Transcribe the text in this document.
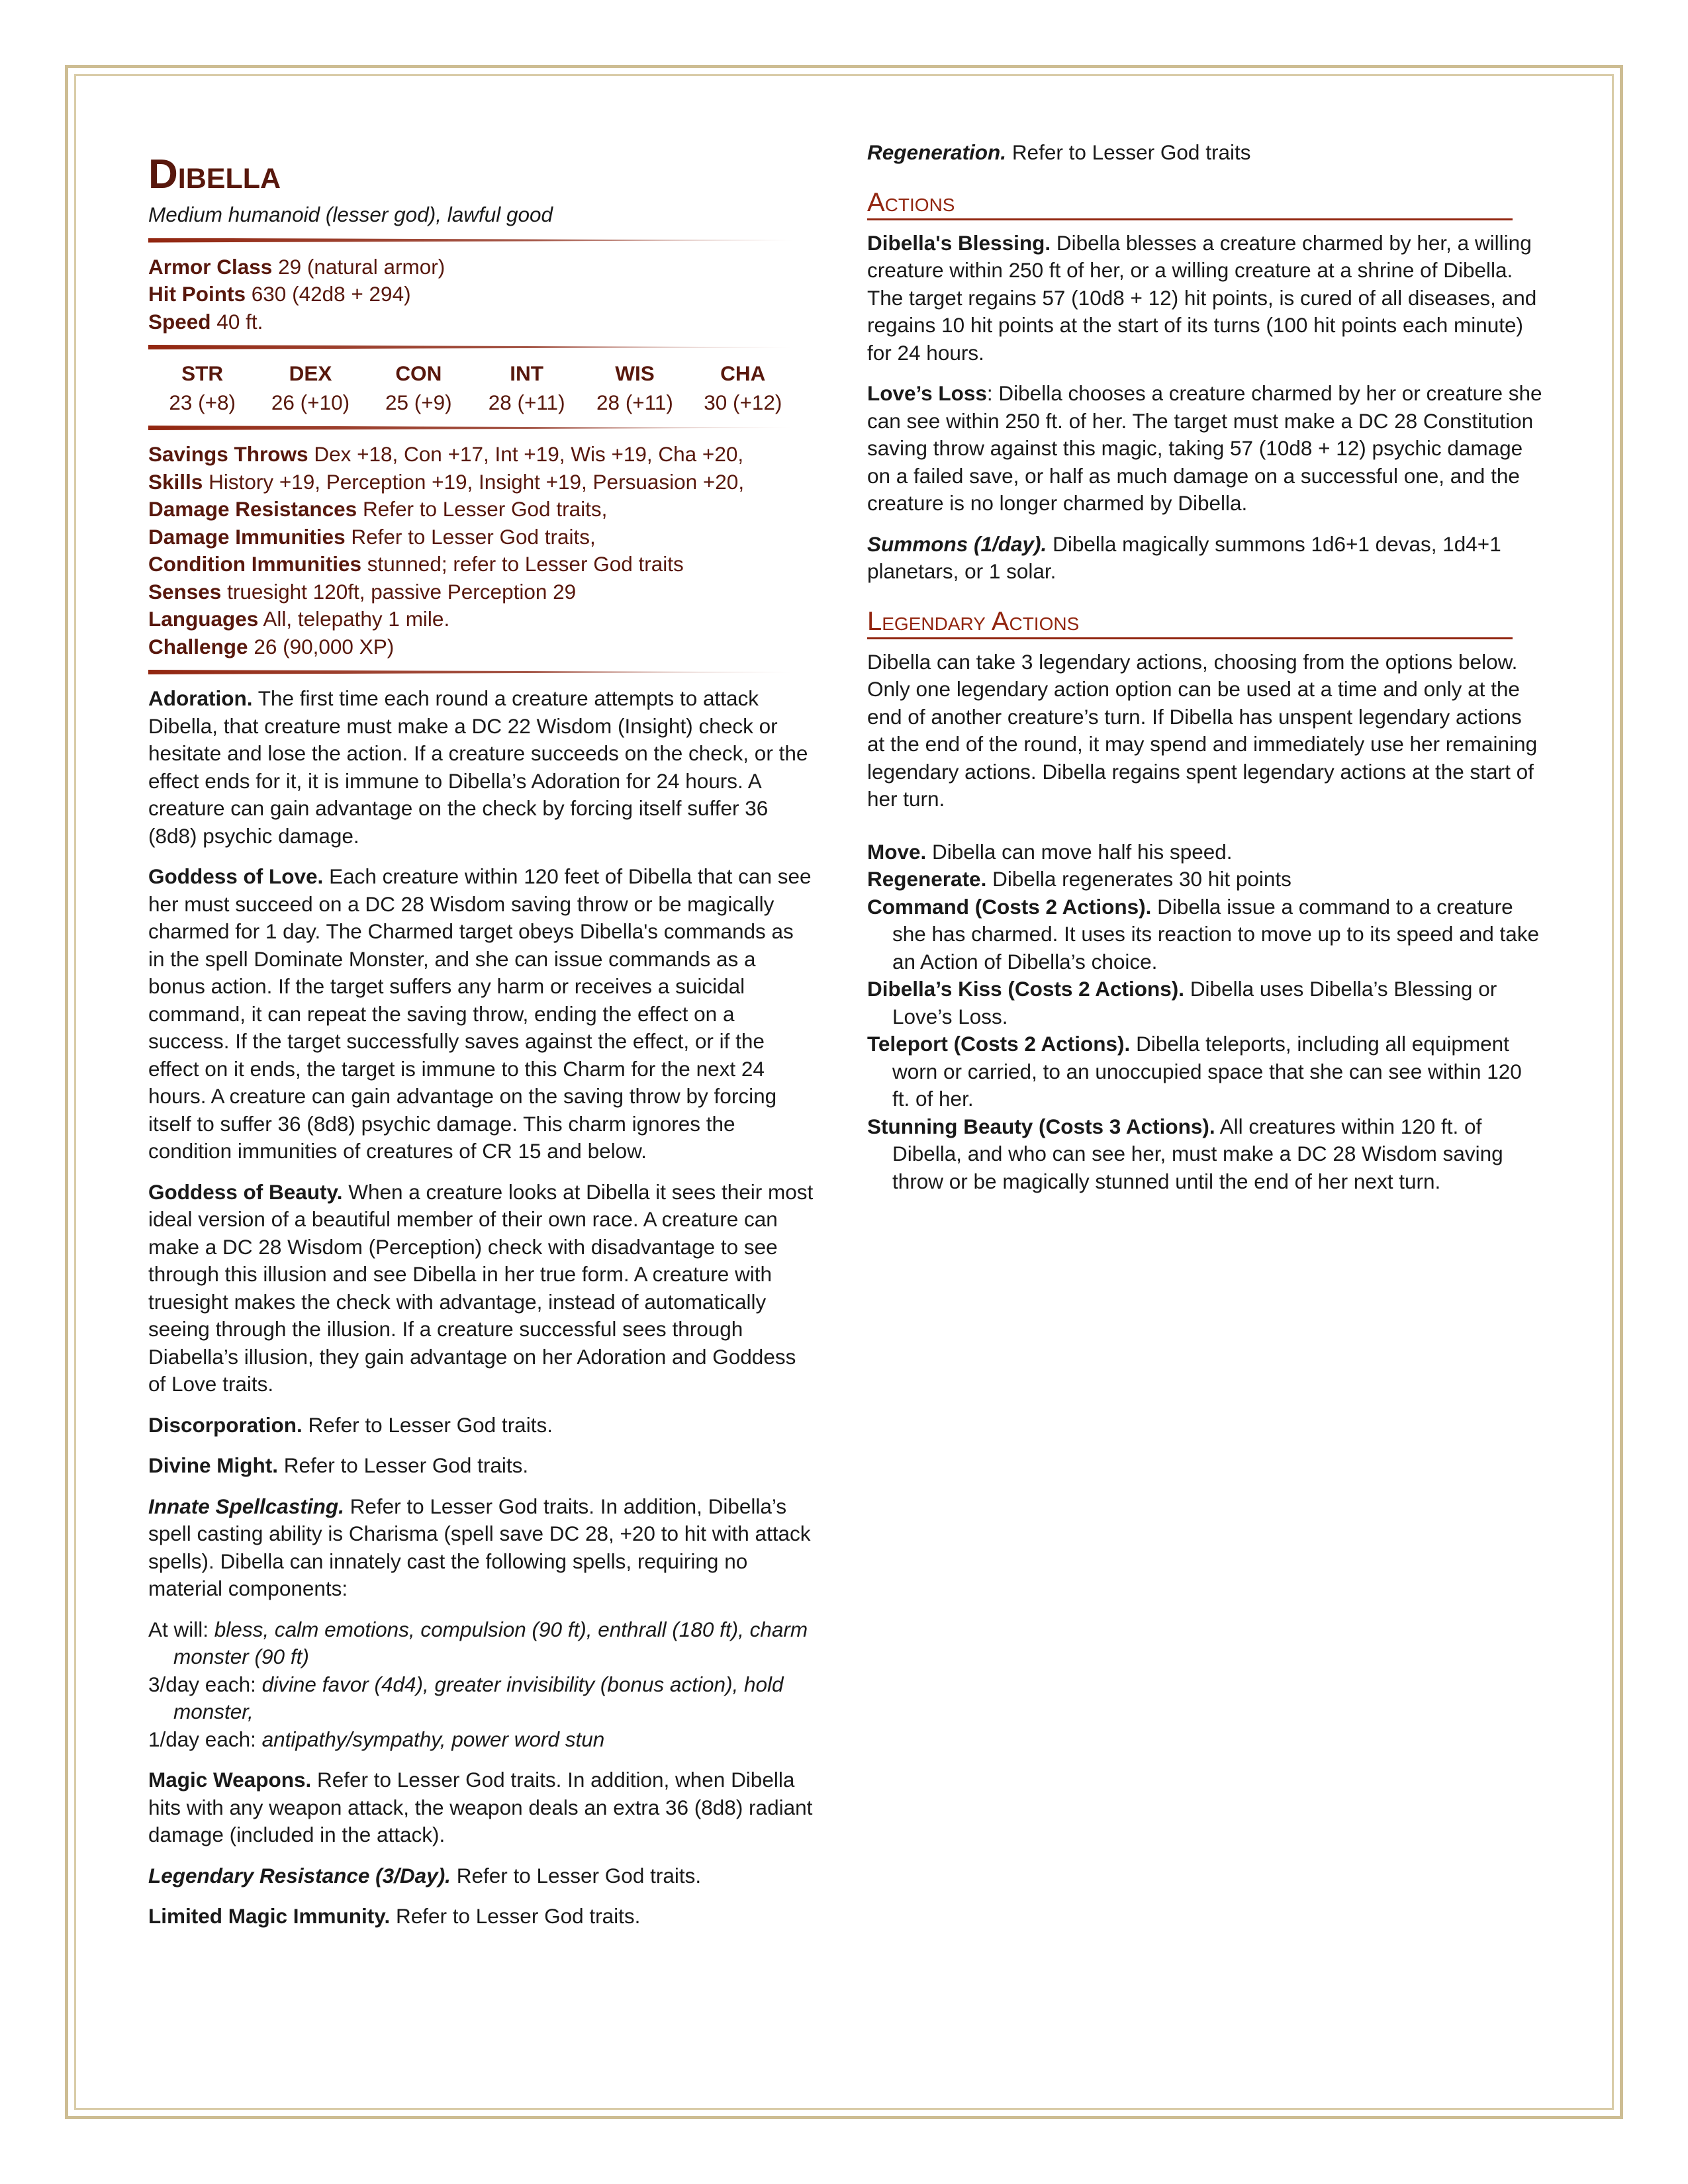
Dibella
Medium humanoid (lesser god), lawful good
Armor Class 29 (natural armor)
Hit Points 630 (42d8 + 294)
Speed 40 ft.
STR	DEX	CON	INT	WIS	CHA
23 (+8)	26 (+10)	25 (+9)	28 (+11)	28 (+11)	30 (+12)
Savings Throws Dex +18, Con +17, Int +19, Wis +19, Cha +20,
Skills History +19, Perception +19, Insight +19, Persuasion +20,
Damage Resistances Refer to Lesser God traits,
Damage Immunities Refer to Lesser God traits,
Condition Immunities stunned; refer to Lesser God traits
Senses truesight 120ft, passive Perception 29
Languages All, telepathy 1 mile.
Challenge 26 (90,000 XP)

Adoration. The first time each round a creature attempts to attack Dibella, that creature must make a DC 22 Wisdom (Insight) check or hesitate and lose the action. If a creature succeeds on the check, or the effect ends for it, it is immune to Dibella’s Adoration for 24 hours. A creature can gain advantage on the check by forcing itself suffer 36 (8d8) psychic damage.

Goddess of Love. Each creature within 120 feet of Dibella that can see her must succeed on a DC 28 Wisdom saving throw or be magically charmed for 1 day. The Charmed target obeys Dibella's commands as in the spell Dominate Monster, and she can issue commands as a bonus action. If the target suffers any harm or receives a suicidal command, it can repeat the saving throw, ending the effect on a success. If the target successfully saves against the effect, or if the effect on it ends, the target is immune to this Charm for the next 24 hours. A creature can gain advantage on the saving throw by forcing itself to suffer 36 (8d8) psychic damage. This charm ignores the condition immunities of creatures of CR 15 and below.

Goddess of Beauty. When a creature looks at Dibella it sees their most ideal version of a beautiful member of their own race. A creature can make a DC 28 Wisdom (Perception) check with disadvantage to see through this illusion and see Dibella in her true form. A creature with truesight makes the check with advantage, instead of automatically seeing through the illusion. If a creature successful sees through Diabella’s illusion, they gain advantage on her Adoration and Goddess of Love traits.

Discorporation. Refer to Lesser God traits.

Divine Might. Refer to Lesser God traits.

Innate Spellcasting. Refer to Lesser God traits. In addition, Dibella’s spell casting ability is Charisma (spell save DC 28, +20 to hit with attack spells). Dibella can innately cast the following spells, requiring no material components:

At will: bless, calm emotions, compulsion (90 ft), enthrall (180 ft), charm monster (90 ft)
3/day each: divine favor (4d4), greater invisibility (bonus action), hold monster,
1/day each: antipathy/sympathy, power word stun

Magic Weapons. Refer to Lesser God traits. In addition, when Dibella hits with any weapon attack, the weapon deals an extra 36 (8d8) radiant damage (included in the attack).

Legendary Resistance (3/Day). Refer to Lesser God traits.

Limited Magic Immunity. Refer to Lesser God traits.

Regeneration. Refer to Lesser God traits

Actions

Dibella's Blessing. Dibella blesses a creature charmed by her, a willing creature within 250 ft of her, or a willing creature at a shrine of Dibella. The target regains 57 (10d8 + 12) hit points, is cured of all diseases, and regains 10 hit points at the start of its turns (100 hit points each minute) for 24 hours.

Love’s Loss: Dibella chooses a creature charmed by her or creature she can see within 250 ft. of her. The target must make a DC 28 Constitution saving throw against this magic, taking 57 (10d8 + 12) psychic damage on a failed save, or half as much damage on a successful one, and the creature is no longer charmed by Dibella.

Summons (1/day). Dibella magically summons 1d6+1 devas, 1d4+1 planetars, or 1 solar.

Legendary Actions

Dibella can take 3 legendary actions, choosing from the options below. Only one legendary action option can be used at a time and only at the end of another creature’s turn. If Dibella has unspent legendary actions at the end of the round, it may spend and immediately use her remaining legendary actions. Dibella regains spent legendary actions at the start of her turn.

Move. Dibella can move half his speed.
Regenerate. Dibella regenerates 30 hit points
Command (Costs 2 Actions). Dibella issue a command to a creature she has charmed. It uses its reaction to move up to its speed and take an Action of Dibella’s choice.
Dibella’s Kiss (Costs 2 Actions). Dibella uses Dibella’s Blessing or Love’s Loss.
Teleport (Costs 2 Actions). Dibella teleports, including all equipment worn or carried, to an unoccupied space that she can see within 120 ft. of her.
Stunning Beauty (Costs 3 Actions). All creatures within 120 ft. of Dibella, and who can see her, must make a DC 28 Wisdom saving throw or be magically stunned until the end of her next turn.
